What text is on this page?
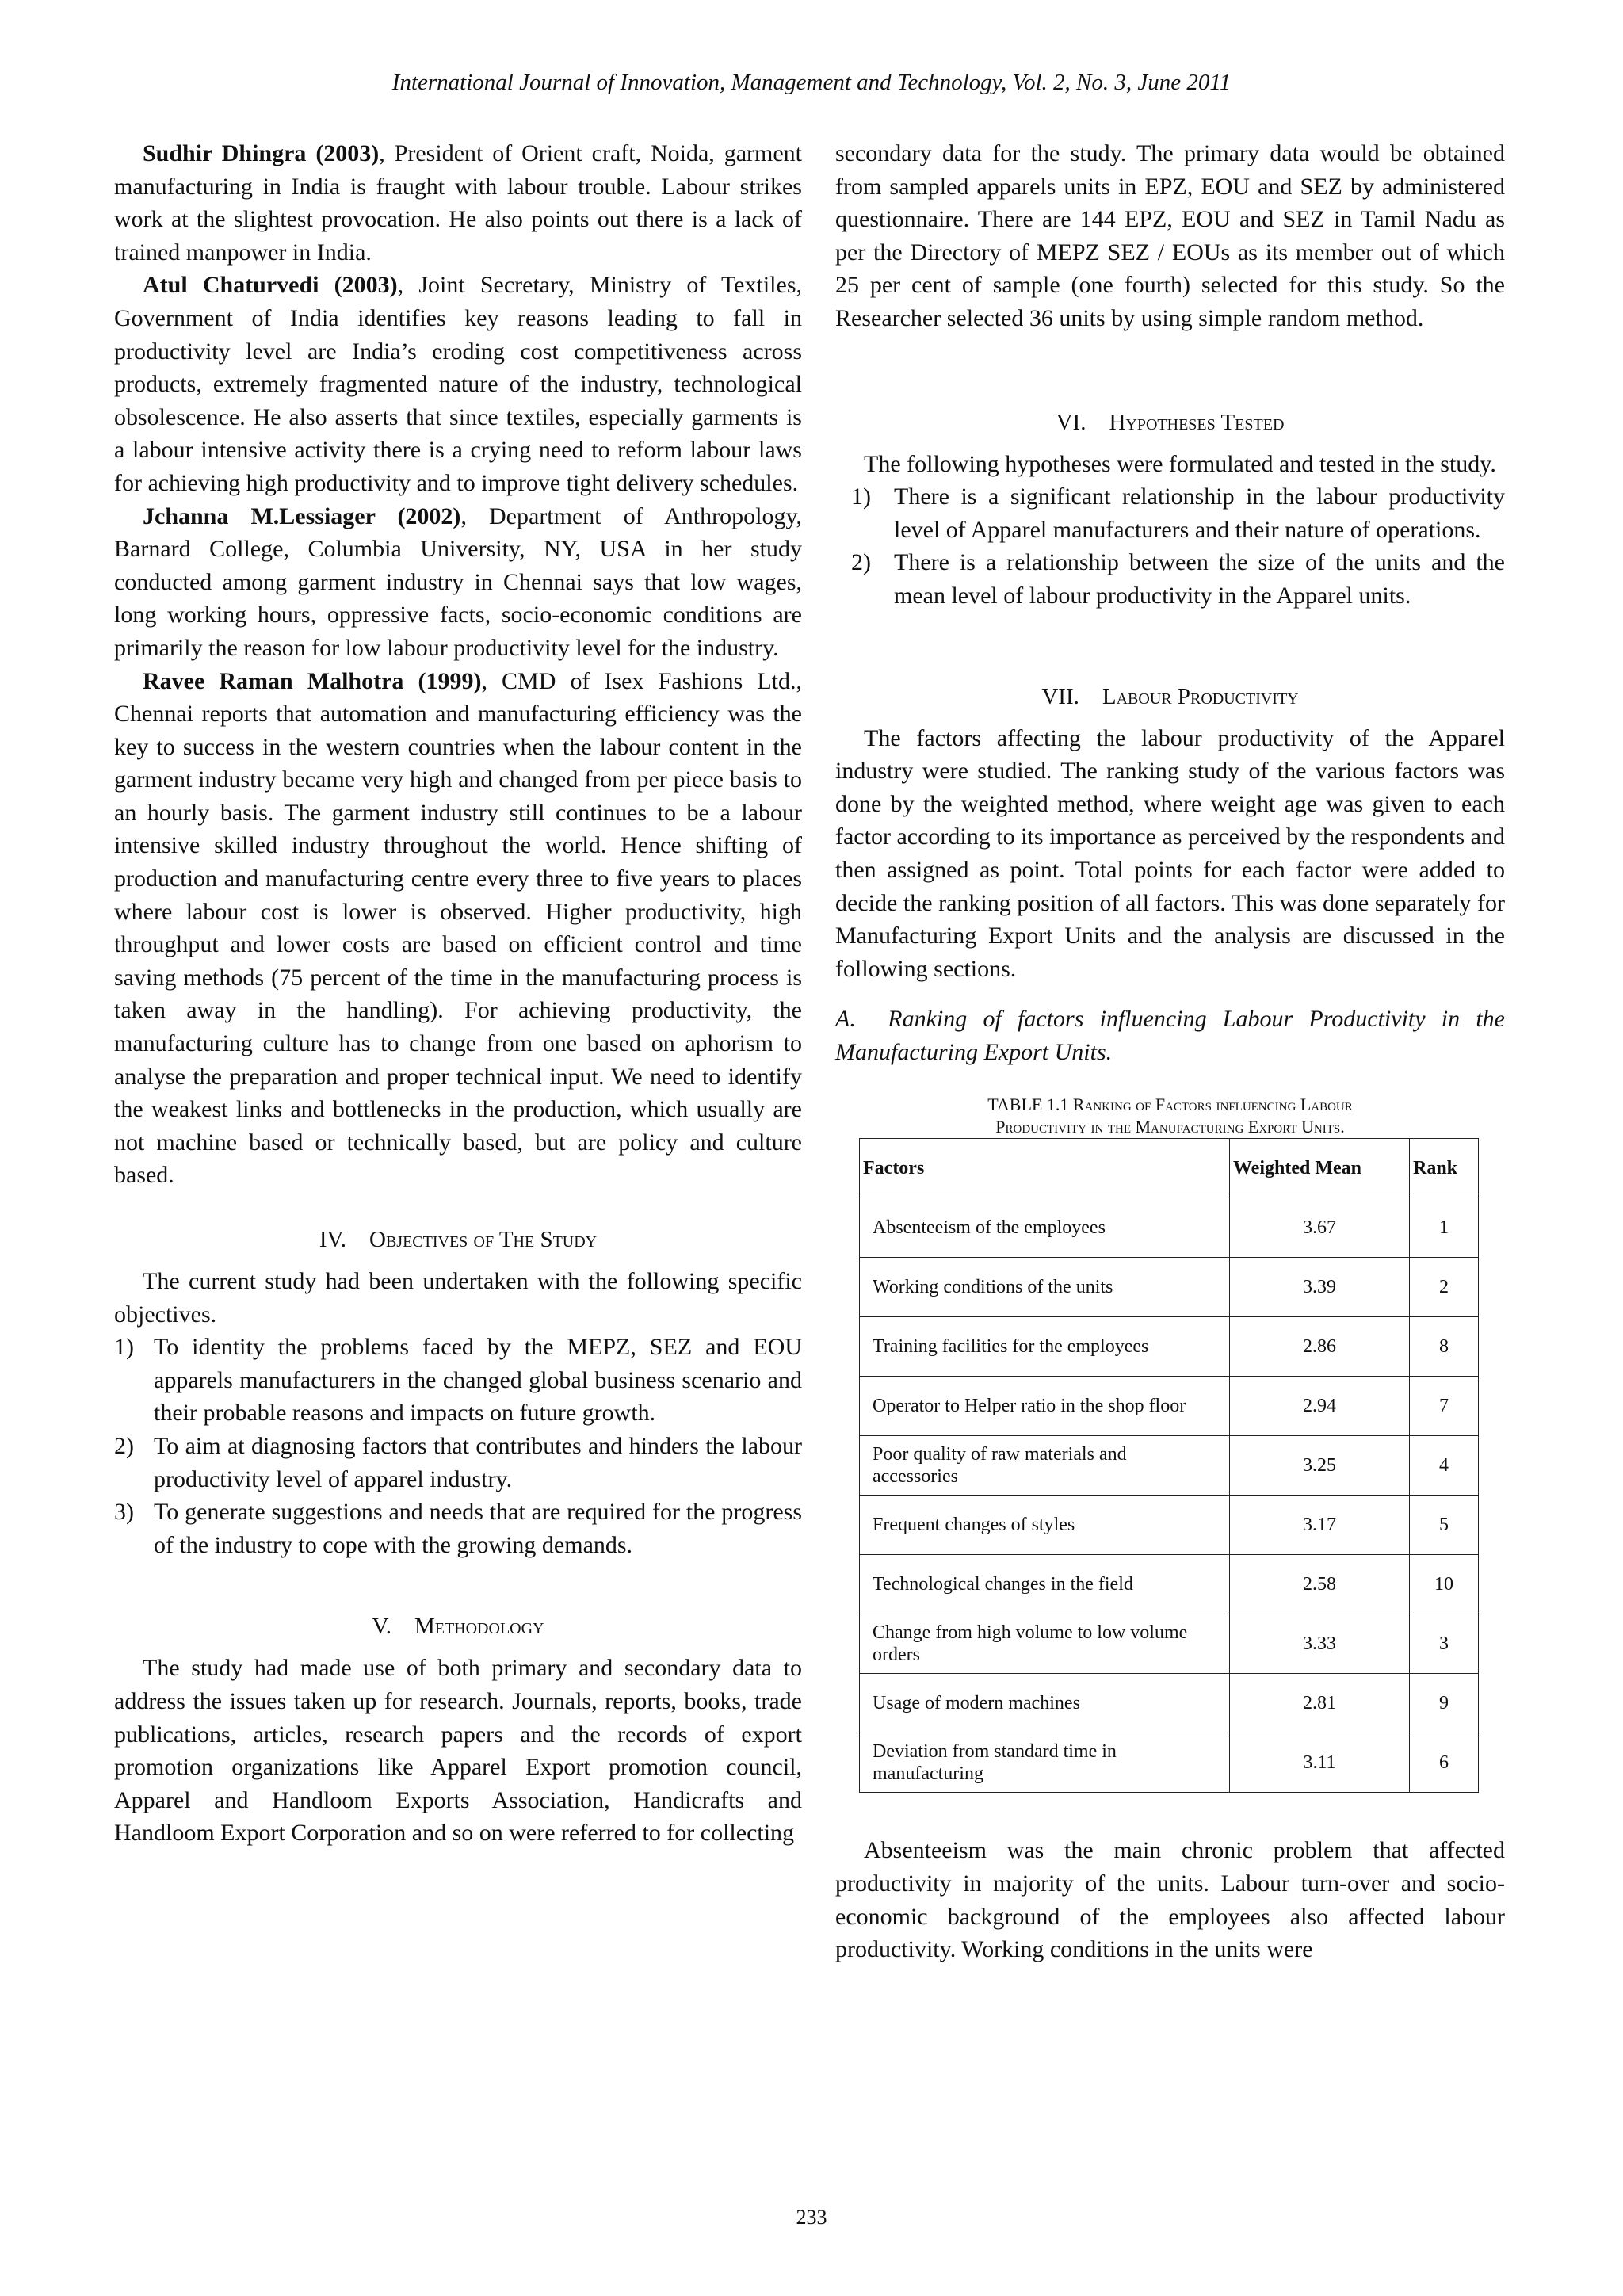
International Journal of Innovation, Management and Technology, Vol. 2, No. 3, June 2011

Sudhir Dhingra (2003), President of Orient craft, Noida, garment manufacturing in India is fraught with labour trouble. Labour strikes work at the slightest provocation. He also points out there is a lack of trained manpower in India.

Atul Chaturvedi (2003), Joint Secretary, Ministry of Textiles, Government of India identifies key reasons leading to fall in productivity level are India’s eroding cost competitiveness across products, extremely fragmented nature of the industry, technological obsolescence. He also asserts that since textiles, especially garments is a labour intensive activity there is a crying need to reform labour laws for achieving high productivity and to improve tight delivery schedules.

Jchanna M.Lessiager (2002), Department of Anthropology, Barnard College, Columbia University, NY, USA in her study conducted among garment industry in Chennai says that low wages, long working hours, oppressive facts, socio-economic conditions are primarily the reason for low labour productivity level for the industry.

Ravee Raman Malhotra (1999), CMD of Isex Fashions Ltd., Chennai reports that automation and manufacturing efficiency was the key to success in the western countries when the labour content in the garment industry became very high and changed from per piece basis to an hourly basis. The garment industry still continues to be a labour intensive skilled industry throughout the world. Hence shifting of production and manufacturing centre every three to five years to places where labour cost is lower is observed. Higher productivity, high throughput and lower costs are based on efficient control and time saving methods (75 percent of the time in the manufacturing process is taken away in the handling). For achieving productivity, the manufacturing culture has to change from one based on aphorism to analyse the preparation and proper technical input. We need to identify the weakest links and bottlenecks in the production, which usually are not machine based or technically based, but are policy and culture based.

IV. Objectives of The Study

The current study had been undertaken with the following specific objectives.

1) To identity the problems faced by the MEPZ, SEZ and EOU apparels manufacturers in the changed global business scenario and their probable reasons and impacts on future growth.
2) To aim at diagnosing factors that contributes and hinders the labour productivity level of apparel industry.
3) To generate suggestions and needs that are required for the progress of the industry to cope with the growing demands.
V. Methodology

The study had made use of both primary and secondary data to address the issues taken up for research. Journals, reports, books, trade publications, articles, research papers and the records of export promotion organizations like Apparel Export promotion council, Apparel and Handloom Exports Association, Handicrafts and Handloom Export Corporation and so on were referred to for collecting

secondary data for the study. The primary data would be obtained from sampled apparels units in EPZ, EOU and SEZ by administered questionnaire. There are 144 EPZ, EOU and SEZ in Tamil Nadu as per the Directory of MEPZ SEZ / EOUs as its member out of which 25 per cent of sample (one fourth) selected for this study. So the Researcher selected 36 units by using simple random method.

VI. Hypotheses Tested

The following hypotheses were formulated and tested in the study.

1) There is a significant relationship in the labour productivity level of Apparel manufacturers and their nature of operations.
2) There is a relationship between the size of the units and the mean level of labour productivity in the Apparel units.
VII. Labour Productivity

The factors affecting the labour productivity of the Apparel industry were studied. The ranking study of the various factors was done by the weighted method, where weight age was given to each factor according to its importance as perceived by the respondents and then assigned as point. Total points for each factor were added to decide the ranking position of all factors. This was done separately for Manufacturing Export Units and the analysis are discussed in the following sections.

A. Ranking of factors influencing Labour Productivity in the Manufacturing Export Units.

TABLE 1.1 Ranking of Factors influencing Labour
Productivity in the Manufacturing Export Units.
Factors	Weighted Mean	Rank
Absenteeism of the employees	3.67	1
Working conditions of the units	3.39	2
Training facilities for the employees	2.86	8
Operator to Helper ratio in the shop floor	2.94	7
Poor quality of raw materials and accessories	3.25	4
Frequent changes of styles	3.17	5
Technological changes in the field	2.58	10
Change from high volume to low volume orders	3.33	3
Usage of modern machines	2.81	9
Deviation from standard time in manufacturing	3.11	6

Absenteeism was the main chronic problem that affected productivity in majority of the units. Labour turn-over and socio-economic background of the employees also affected labour productivity. Working conditions in the units were

233
